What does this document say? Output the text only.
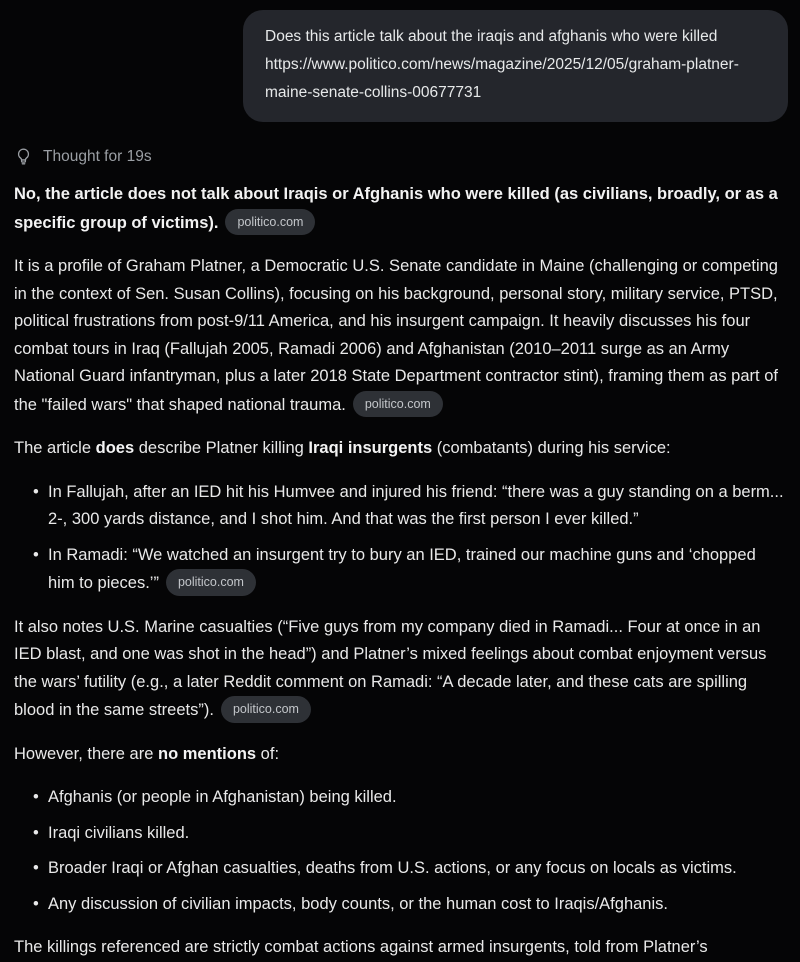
Does this article talk about the iraqis and afghanis who were killed https://www.politico.com/news/magazine/2025/12/05/graham-platner-maine-senate-collins-00677731
Thought for 19s

No, the article does not talk about Iraqis or Afghanis who were killed (as civilians, broadly, or as a specific group of victims). politico.com

It is a profile of Graham Platner, a Democratic U.S. Senate candidate in Maine (challenging or competing in the context of Sen. Susan Collins), focusing on his background, personal story, military service, PTSD, political frustrations from post-9/11 America, and his insurgent campaign. It heavily discusses his four combat tours in Iraq (Fallujah 2005, Ramadi 2006) and Afghanistan (2010–2011 surge as an Army National Guard infantryman, plus a later 2018 State Department contractor stint), framing them as part of the "failed wars" that shaped national trauma. politico.com

The article does describe Platner killing Iraqi insurgents (combatants) during his service:

• In Fallujah, after an IED hit his Humvee and injured his friend: “there was a guy standing on a berm... 2-, 300 yards distance, and I shot him. And that was the first person I ever killed.”
• In Ramadi: “We watched an insurgent try to bury an IED, trained our machine guns and ‘chopped him to pieces.’” politico.com

It also notes U.S. Marine casualties (“Five guys from my company died in Ramadi... Four at once in an IED blast, and one was shot in the head”) and Platner’s mixed feelings about combat enjoyment versus the wars’ futility (e.g., a later Reddit comment on Ramadi: “A decade later, and these cats are spilling blood in the same streets”). politico.com

However, there are no mentions of:

• Afghanis (or people in Afghanistan) being killed.
• Iraqi civilians killed.
• Broader Iraqi or Afghan casualties, deaths from U.S. actions, or any focus on locals as victims.
• Any discussion of civilian impacts, body counts, or the human cost to Iraqis/Afghanis.

The killings referenced are strictly combat actions against armed insurgents, told from Platner’s
